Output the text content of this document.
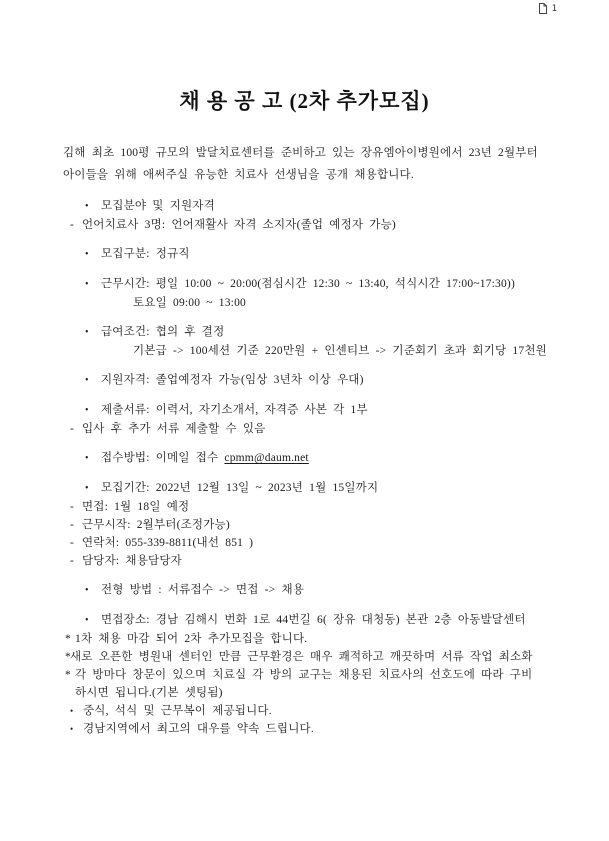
1
채 용 공 고 (2차 추가모집)
김해 최초 100평 규모의 발달치료센터를 준비하고 있는 장유엠아이병원에서 23년 2월부터
아이들을 위해 애써주실 유능한 치료사 선생님을 공개 채용합니다.
• 모집분야 및 지원자격
- 언어치료사 3명: 언어재활사 자격 소지자(졸업 예정자 가능)
• 모집구분: 정규직
• 근무시간: 평일 10:00 ~ 20:00(점심시간 12:30 ~ 13:40, 석식시간 17:00~17:30))
토요일 09:00 ~ 13:00
• 급여조건: 협의 후 결정
기본급 -> 100세션 기준 220만원 + 인센티브 -> 기준회기 초과 회기당 17천원
• 지원자격: 졸업예정자 가능(임상 3년차 이상 우대)
• 제출서류: 이력서, 자기소개서, 자격증 사본 각 1부
- 입사 후 추가 서류 제출할 수 있음
• 접수방법: 이메일 접수 cpmm@daum.net
• 모집기간: 2022년 12월 13일 ~ 2023년 1월 15일까지
- 면접: 1월 18일 예정
- 근무시작: 2월부터(조정가능)
- 연락처: 055-339-8811(내선 851 )
- 담당자: 채용담당자
• 전형 방법 : 서류접수 -> 면접 -> 채용
• 면접장소: 경남 김해시 번화 1로 44번길 6( 장유 대청동) 본관 2층 아동발달센터
* 1차 채용 마감 되어 2차 추가모집을 합니다.
*새로 오픈한 병원내 센터인 만큼 근무환경은 매우 쾌적하고 깨끗하며 서류 작업 최소화
* 각 방마다 창문이 있으며 치료실 각 방의 교구는 채용된 치료사의 선호도에 따라 구비
하시면 됩니다.(기본 셋팅됨)
• 중식, 석식 및 근무복이 제공됩니다.
• 경남지역에서 최고의 대우를 약속 드립니다.
